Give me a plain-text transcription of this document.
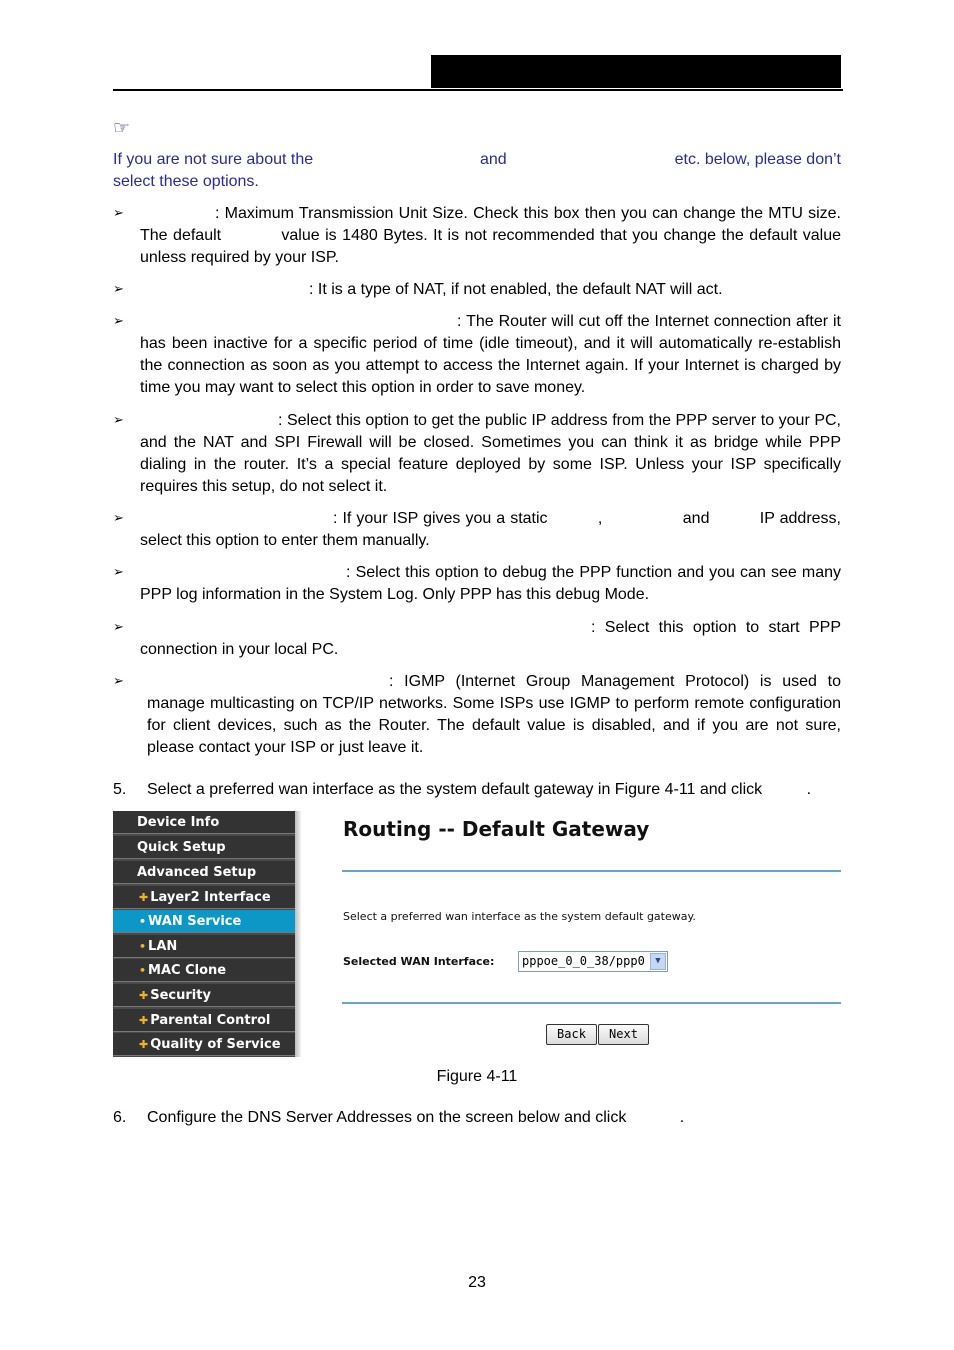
☞
If you are not sure about the	and	etc. below, please don’t
select these options.
➢	: Maximum Transmission Unit Size. Check this box then you can change the MTU size. The default           value is 1480 Bytes. It is not recommended that you change the default value unless required by your ISP.
➢	: It is a type of NAT, if not enabled, the default NAT will act.
➢	: The Router will cut off the Internet connection after it has been inactive for a specific period of time (idle timeout), and it will automatically re-establish the connection as soon as you attempt to access the Internet again. If your Internet is charged by time you may want to select this option in order to save money.
➢	: Select this option to get the public IP address from the PPP server to your PC, and the NAT and SPI Firewall will be closed. Sometimes you can think it as bridge while PPP dialing in the router. It’s a special feature deployed by some ISP. Unless your ISP specifically requires this setup, do not select it.
➢	: If your ISP gives you a static          ,                and          IP address, select this option to enter them manually.
➢	: Select this option to debug the PPP function and you can see many PPP log information in the System Log. Only PPP has this debug Mode.
➢	: Select this option to start PPP connection in your local PC.
➢	: IGMP (Internet Group Management Protocol) is used to manage multicasting on TCP/IP networks. Some ISPs use IGMP to perform remote configuration for client devices, such as the Router. The default value is disabled, and if you are not sure, please contact your ISP or just leave it.
5. Select a preferred wan interface as the system default gateway in Figure 4-11 and click          .
Device Info
Quick Setup
Advanced Setup
✚ Layer2 Interface
• WAN Service
• LAN
• MAC Clone
✚ Security
✚ Parental Control
✚ Quality of Service
Routing -- Default Gateway
Select a preferred wan interface as the system default gateway.
Selected WAN Interface:	pppoe_0_0_38/ppp0	▼
Back	Next
Figure 4-11
6. Configure the DNS Server Addresses on the screen below and click            .
23
